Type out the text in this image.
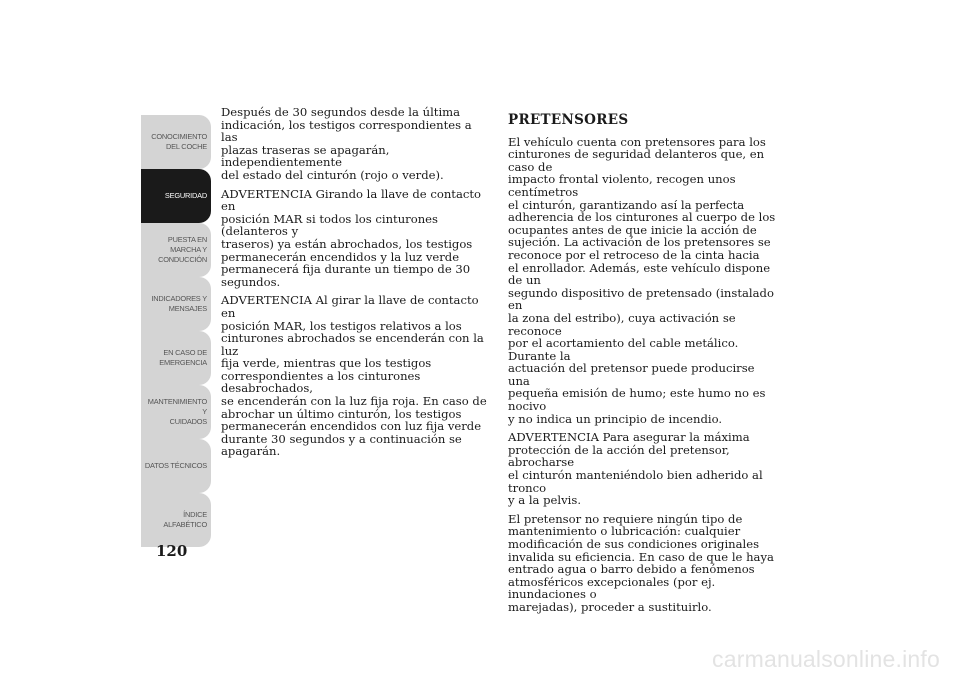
CONOCIMIENTO
DEL COCHE
SEGURIDAD
PUESTA EN
MARCHA Y
CONDUCCIÓN
INDICADORES Y
MENSAJES
EN CASO DE
EMERGENCIA
MANTENIMIENTO Y
CUIDADOS
DATOS TÉCNICOS
ÍNDICE
ALFABÉTICO
120

Después de 30 segundos desde la última
indicación, los testigos correspondientes a las
plazas traseras se apagarán, independientemente
del estado del cinturón (rojo o verde).

ADVERTENCIA Girando la llave de contacto en
posición MAR si todos los cinturones (delanteros y
traseros) ya están abrochados, los testigos
permanecerán encendidos y la luz verde
permanecerá fija durante un tiempo de 30
segundos.

ADVERTENCIA Al girar la llave de contacto en
posición MAR, los testigos relativos a los
cinturones abrochados se encenderán con la luz
fija verde, mientras que los testigos
correspondientes a los cinturones desabrochados,
se encenderán con la luz fija roja. En caso de
abrochar un último cinturón, los testigos
permanecerán encendidos con luz fija verde
durante 30 segundos y a continuación se
apagarán.

PRETENSORES

El vehículo cuenta con pretensores para los
cinturones de seguridad delanteros que, en caso de
impacto frontal violento, recogen unos centímetros
el cinturón, garantizando así la perfecta
adherencia de los cinturones al cuerpo de los
ocupantes antes de que inicie la acción de
sujeción. La activación de los pretensores se
reconoce por el retroceso de la cinta hacia
el enrollador. Además, este vehículo dispone de un
segundo dispositivo de pretensado (instalado en
la zona del estribo), cuya activación se reconoce
por el acortamiento del cable metálico. Durante la
actuación del pretensor puede producirse una
pequeña emisión de humo; este humo no es nocivo
y no indica un principio de incendio.

ADVERTENCIA Para asegurar la máxima
protección de la acción del pretensor, abrocharse
el cinturón manteniéndolo bien adherido al tronco
y a la pelvis.

El pretensor no requiere ningún tipo de
mantenimiento o lubricación: cualquier
modificación de sus condiciones originales
invalida su eficiencia. En caso de que le haya
entrado agua o barro debido a fenómenos
atmosféricos excepcionales (por ej. inundaciones o
marejadas), proceder a sustituirlo.

carmanualsonline.info
